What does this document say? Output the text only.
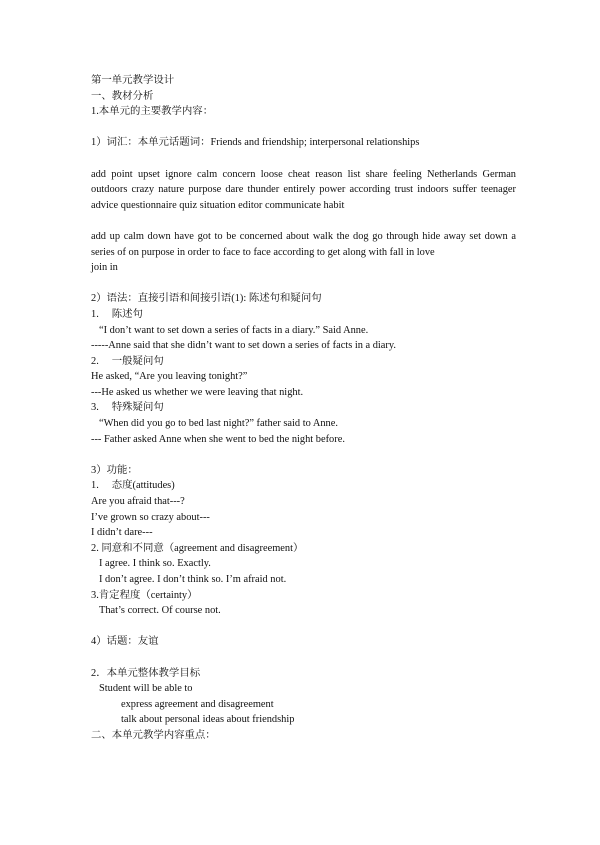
第一单元教学设计
一、教材分析
1.本单元的主要教学内容：
1）词汇：本单元话题词：Friends and friendship; interpersonal relationships
add point upset ignore calm concern loose cheat reason list share feeling Netherlands German outdoors crazy nature purpose dare thunder entirely power according trust indoors suffer teenager advice questionnaire quiz situation editor communicate habit
add up calm down have got to be concerned about walk the dog go through hide away set down a series of on purpose in order to face to face according to get along with fall in love
join in
2）语法：直接引语和间接引语(1): 陈述句和疑问句
1.     陈述句
“I don’t want to set down a series of facts in a diary.” Said Anne.
-----Anne said that she didn’t want to set down a series of facts in a diary.
2.     一般疑问句
He asked, “Are you leaving tonight?”
---He asked us whether we were leaving that night.
3.     特殊疑问句
“When did you go to bed last night?” father said to Anne.
--- Father asked Anne when she went to bed the night before.
3）功能：
1.     态度(attitudes)
Are you afraid that---?
I’ve grown so crazy about---
I didn’t dare---
2. 同意和不同意（agreement and disagreement）
I agree. I think so. Exactly.
I don’t agree. I don’t think so. I’m afraid not.
3.肯定程度（certainty）
That’s correct. Of course not.
4）话题：友谊
2．本单元整体教学目标
Student will be able to
express agreement and disagreement
talk about personal ideas about friendship
二、本单元教学内容重点：
